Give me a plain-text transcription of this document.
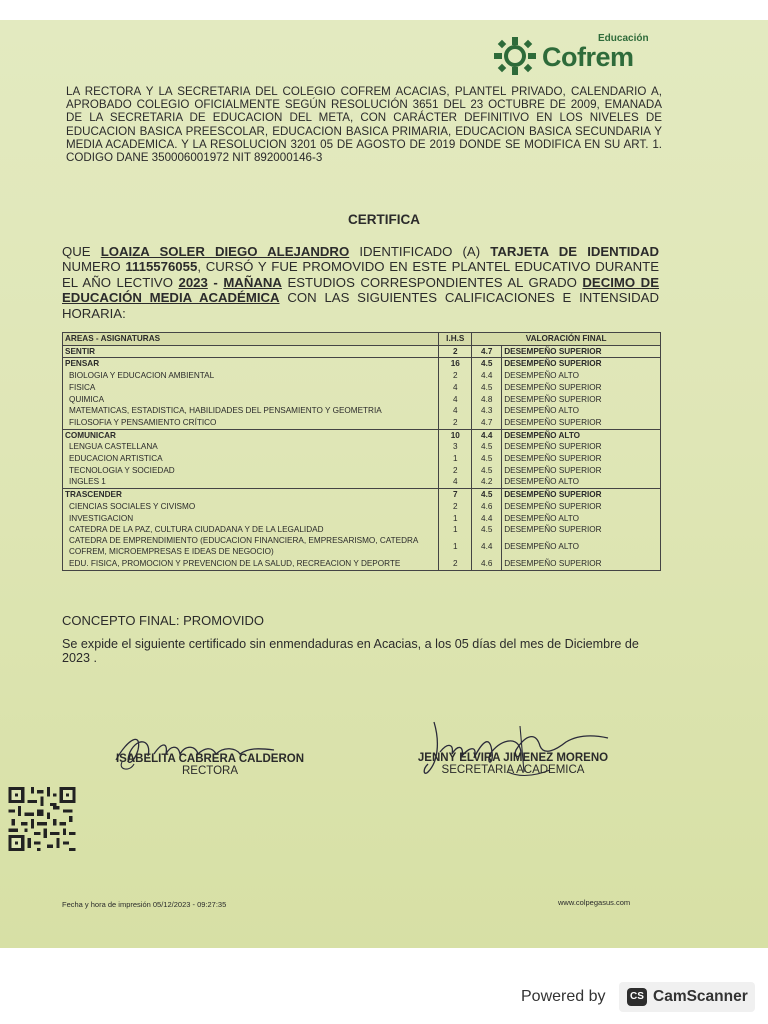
Educación
Cofrem
LA RECTORA Y LA SECRETARIA DEL COLEGIO COFREM ACACIAS, PLANTEL PRIVADO, CALENDARIO A, APROBADO COLEGIO OFICIALMENTE SEGÚN RESOLUCIÓN 3651 DEL 23 OCTUBRE DE 2009, EMANADA DE LA SECRETARIA DE EDUCACION DEL META, CON CARÁCTER DEFINITIVO EN LOS NIVELES DE EDUCACION BASICA PREESCOLAR, EDUCACION BASICA PRIMARIA, EDUCACION BASICA SECUNDARIA Y MEDIA ACADEMICA. Y LA RESOLUCION 3201 05 DE AGOSTO DE 2019 DONDE SE MODIFICA EN SU ART. 1. CODIGO DANE 350006001972 NIT 892000146-3
CERTIFICA
QUE LOAIZA SOLER DIEGO ALEJANDRO IDENTIFICADO (A) TARJETA DE IDENTIDAD NUMERO 1115576055, CURSÓ Y FUE PROMOVIDO EN ESTE PLANTEL EDUCATIVO DURANTE EL AÑO LECTIVO 2023 - MAÑANA ESTUDIOS CORRESPONDIENTES AL GRADO DECIMO DE EDUCACIÓN MEDIA ACADÉMICA CON LAS SIGUIENTES CALIFICACIONES E INTENSIDAD HORARIA:
AREAS - ASIGNATURAS	I.H.S	VALORACIÓN FINAL	
SENTIR	2	4.7	DESEMPEÑO SUPERIOR
PENSAR	16	4.5	DESEMPEÑO SUPERIOR
BIOLOGIA Y EDUCACION AMBIENTAL	2	4.4	DESEMPEÑO ALTO
FISICA	4	4.5	DESEMPEÑO SUPERIOR
QUIMICA	4	4.8	DESEMPEÑO SUPERIOR
MATEMATICAS, ESTADISTICA, HABILIDADES DEL PENSAMIENTO Y GEOMETRIA	4	4.3	DESEMPEÑO ALTO
FILOSOFIA Y PENSAMIENTO CRÍTICO	2	4.7	DESEMPEÑO SUPERIOR
COMUNICAR	10	4.4	DESEMPEÑO ALTO
LENGUA CASTELLANA	3	4.5	DESEMPEÑO SUPERIOR
EDUCACION ARTISTICA	1	4.5	DESEMPEÑO SUPERIOR
TECNOLOGIA Y SOCIEDAD	2	4.5	DESEMPEÑO SUPERIOR
INGLES 1	4	4.2	DESEMPEÑO ALTO
TRASCENDER	7	4.5	DESEMPEÑO SUPERIOR
CIENCIAS SOCIALES Y CIVISMO	2	4.6	DESEMPEÑO SUPERIOR
INVESTIGACION	1	4.4	DESEMPEÑO ALTO
CATEDRA DE LA PAZ, CULTURA CIUDADANA Y DE LA LEGALIDAD	1	4.5	DESEMPEÑO SUPERIOR
CATEDRA DE EMPRENDIMIENTO (EDUCACION FINANCIERA, EMPRESARISMO, CATEDRA COFREM, MICROEMPRESAS E IDEAS DE NEGOCIO)	1	4.4	DESEMPEÑO ALTO
EDU. FISICA, PROMOCION Y PREVENCION DE LA SALUD, RECREACION Y DEPORTE	2	4.6	DESEMPEÑO SUPERIOR
CONCEPTO FINAL: PROMOVIDO
Se expide el siguiente certificado sin enmendaduras en Acacias, a los 05 días del mes de Diciembre de 2023 .
ISABELITA CABRERA CALDERON
RECTORA
JENNY ELVIRA JIMENEZ MORENO
SECRETARIA ACADEMICA
Fecha y hora de impresión 05/12/2023 - 09:27:35	www.colpegasus.com
Powered by	CS CamScanner
